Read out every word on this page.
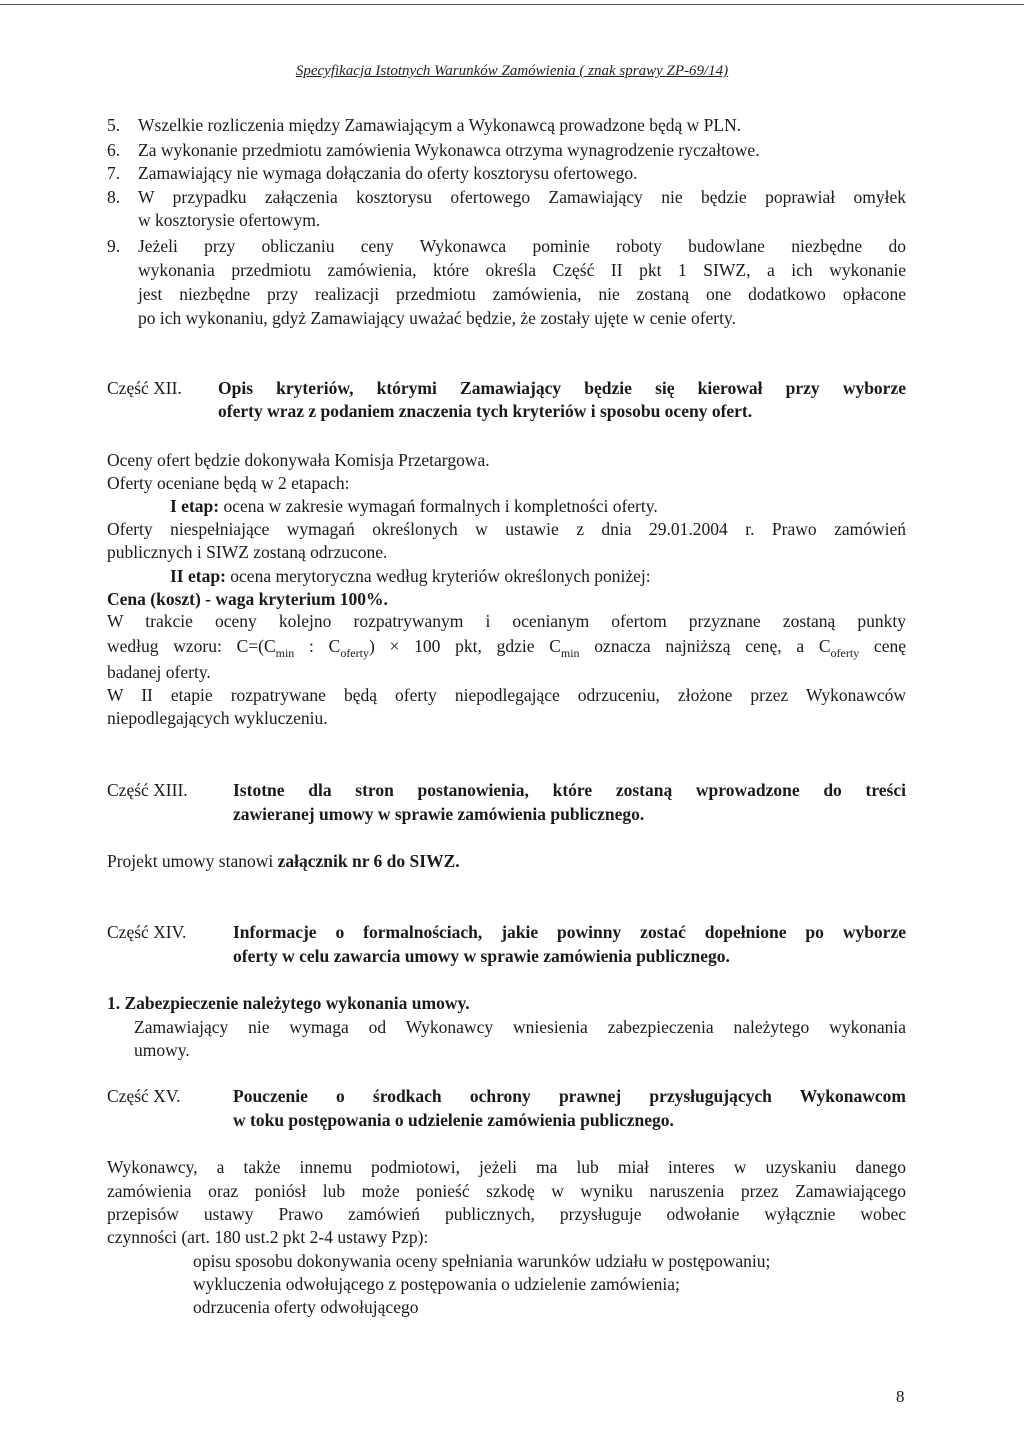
Specyfikacja Istotnych Warunków Zamówienia ( znak sprawy ZP-69/14)
5. Wszelkie rozliczenia między Zamawiającym a Wykonawcą prowadzone będą w PLN.
6. Za wykonanie przedmiotu zamówienia Wykonawca otrzyma wynagrodzenie ryczałtowe.
7. Zamawiający nie wymaga dołączania do oferty kosztorysu ofertowego.
8. W przypadku załączenia kosztorysu ofertowego Zamawiający nie będzie poprawiał omyłek
w kosztorysie ofertowym.
9. Jeżeli przy obliczaniu ceny Wykonawca pominie roboty budowlane niezbędne do
wykonania przedmiotu zamówienia, które określa Część II pkt 1 SIWZ, a ich wykonanie
jest niezbędne przy realizacji przedmiotu zamówienia, nie zostaną one dodatkowo opłacone
po ich wykonaniu, gdyż Zamawiający uważać będzie, że zostały ujęte w cenie oferty.
Część XII. Opis kryteriów, którymi Zamawiający będzie się kierował przy wyborze
oferty wraz z podaniem znaczenia tych kryteriów i sposobu oceny ofert.
Oceny ofert będzie dokonywała Komisja Przetargowa.
Oferty oceniane będą w 2 etapach:
I etap: ocena w zakresie wymagań formalnych i kompletności oferty.
Oferty niespełniające wymagań określonych w ustawie z dnia 29.01.2004 r. Prawo zamówień
publicznych i SIWZ zostaną odrzucone.
II etap: ocena merytoryczna według kryteriów określonych poniżej:
Cena (koszt) - waga kryterium 100%.
W trakcie oceny kolejno rozpatrywanym i ocenianym ofertom przyznane zostaną punkty
według wzoru: $C=(C_{min}$ : $C_{oferty}) \times 100$ pkt, gdzie $C_{min}$ oznacza najniższą cenę, a $C_{oferty}$ cenę
badanej oferty.
W II etapie rozpatrywane będą oferty niepodlegające odrzuceniu, złożone przez Wykonawców
niepodlegających wykluczeniu.
Część XIII.	Istotne dla stron postanowienia, które zostaną wprowadzone do treści
zawieranej umowy w sprawie zamówienia publicznego.
Projekt umowy stanowi załącznik nr 6 do SIWZ.
Część XIV.	Informacje o formalnościach, jakie powinny zostać dopełnione po wyborze
oferty w celu zawarcia umowy w sprawie zamówienia publicznego.
1. Zabezpieczenie należytego wykonania umowy.
Zamawiający nie wymaga od Wykonawcy wniesienia zabezpieczenia należytego wykonania
umowy.
Część XV.	Pouczenie o środkach ochrony prawnej przysługujących Wykonawcom
w toku postępowania o udzielenie zamówienia publicznego.
Wykonawcy, a także innemu podmiotowi, jeżeli ma lub miał interes w uzyskaniu danego
zamówienia oraz poniósł lub może ponieść szkodę w wyniku naruszenia przez Zamawiającego
przepisów ustawy Prawo zamówień publicznych, przysługuje odwołanie wyłącznie wobec
czynności (art. 180 ust.2 pkt 2-4 ustawy Pzp):
opisu sposobu dokonywania oceny spełniania warunków udziału w postępowaniu;
wykluczenia odwołującego z postępowania o udzielenie zamówienia;
odrzucenia oferty odwołującego
8
